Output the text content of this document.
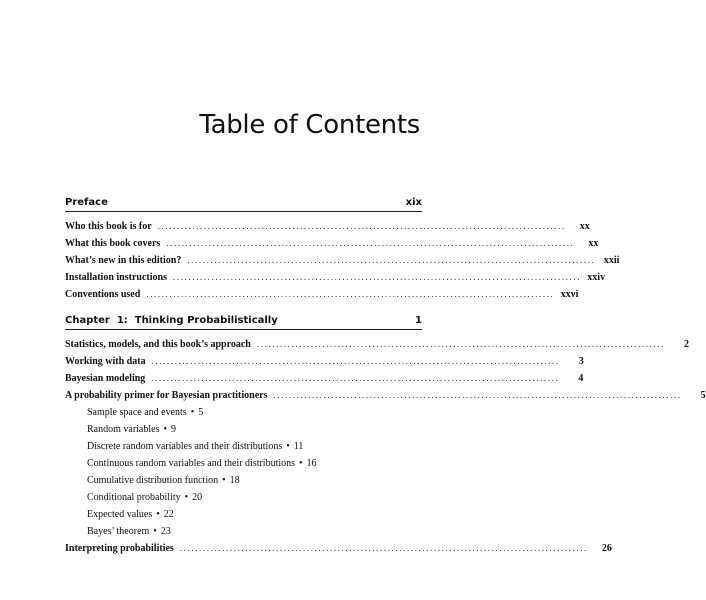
Table of Contents
Preface	xix
Who this book is for ..........................................................................................................	xx
What this book covers ..........................................................................................................	xx
What’s new in this edition? .......................................................................................................... xxii
Installation instructions .......................................................................................................... xxiv
Conventions used .......................................................................................................... xxvi
Chapter  1:  Thinking Probabilistically	1
Statistics, models, and this book’s approach ..........................................................................................................	2
Working with data ..........................................................................................................	3
Bayesian modeling ..........................................................................................................	4
A probability primer for Bayesian practitioners ..........................................................................................................	5
Sample space and events • 5
Random variables • 9
Discrete random variables and their distributions • 11
Continuous random variables and their distributions • 16
Cumulative distribution function • 18
Conditional probability • 20
Expected values • 22
Bayes’ theorem • 23
Interpreting probabilities ..........................................................................................................	26
